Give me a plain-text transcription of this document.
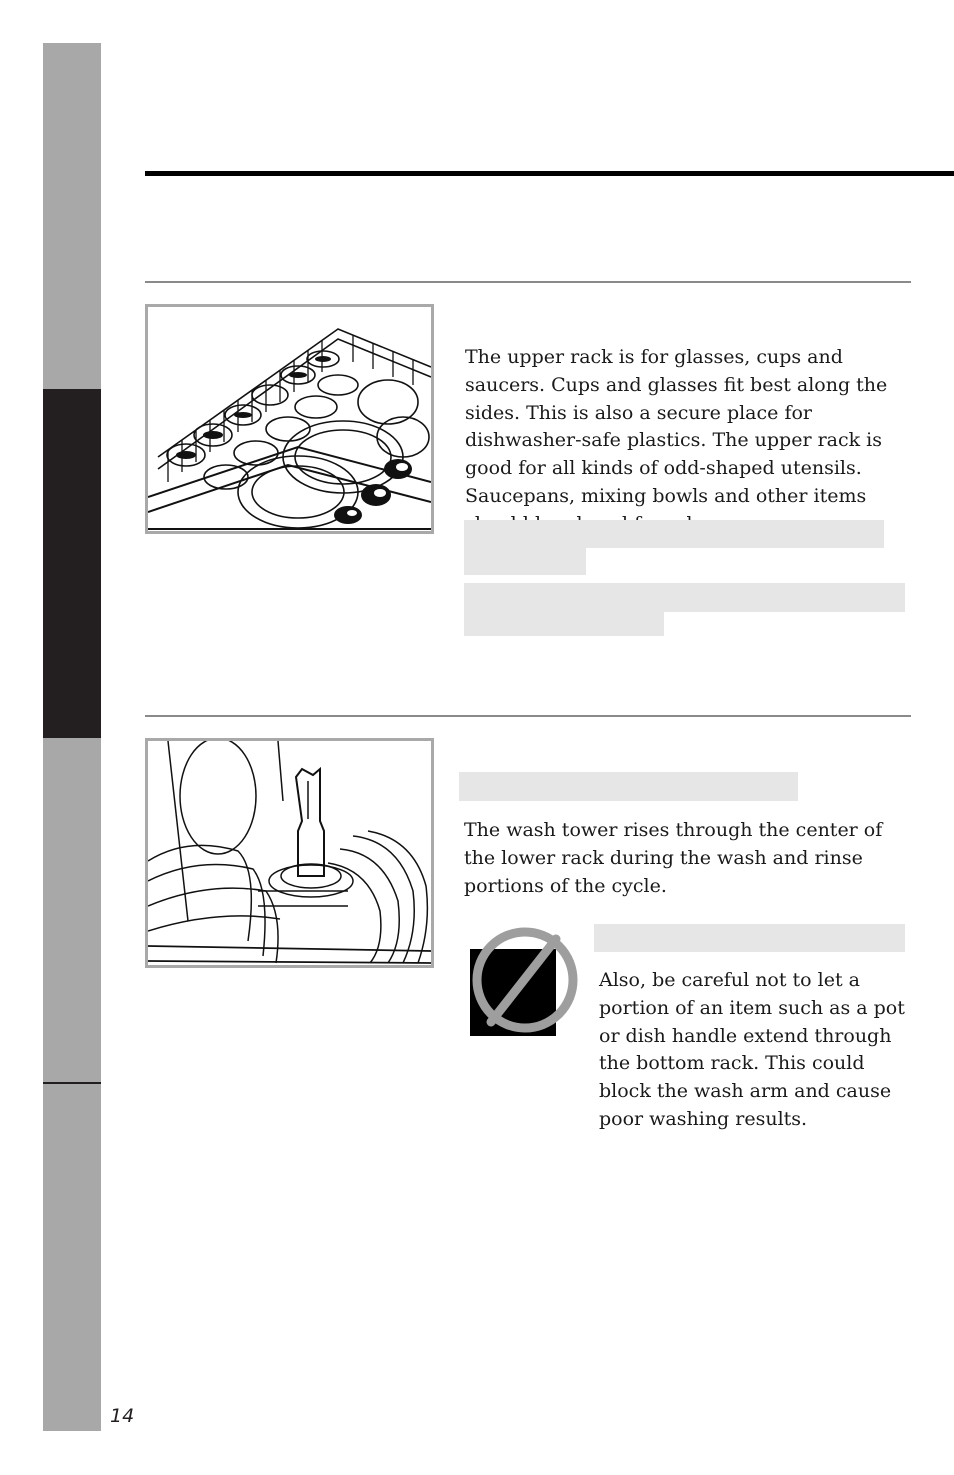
The upper rack is for glasses, cups and saucers. Cups and glasses fit best along the sides. This is also a secure place for dishwasher-safe plastics. The upper rack is good for all kinds of odd-shaped utensils. Saucepans, mixing bowls and other items

The wash tower rises through the center of the lower rack during the wash and rinse portions of the cycle.

Also, be careful not to let a portion of an item such as a pot or dish handle extend through the bottom rack. This could block the wash arm and cause poor washing results.

14
